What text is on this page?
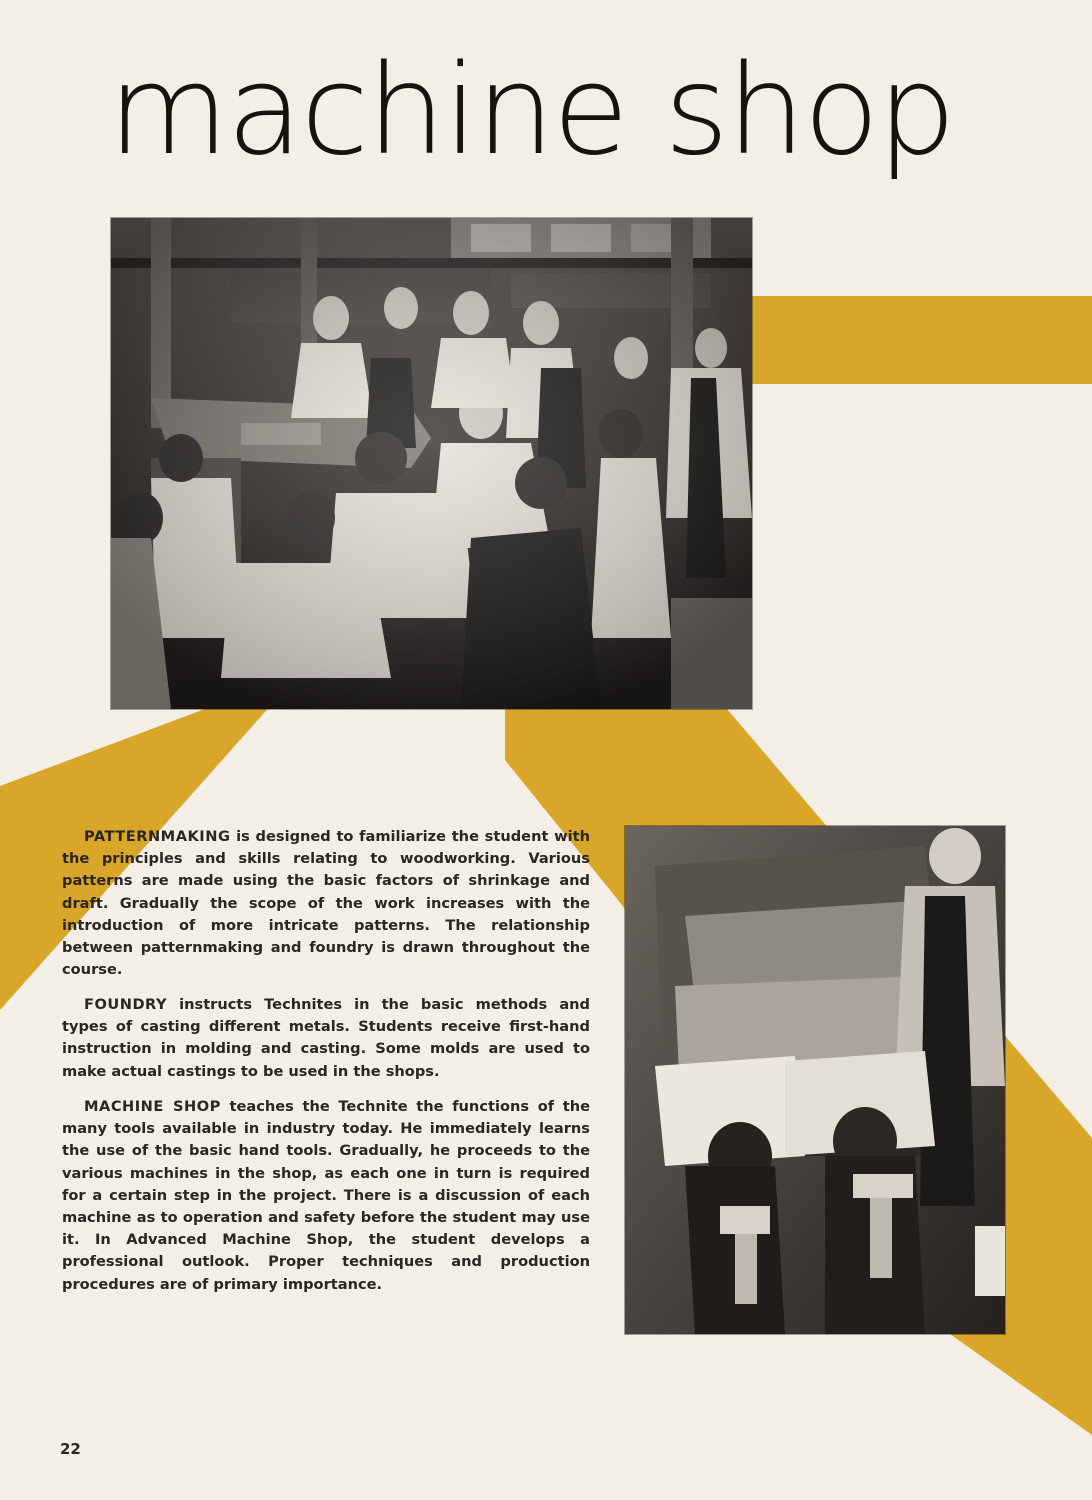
machine shop

PATTERNMAKING is designed to familiarize the student with the principles and skills relating to woodworking. Various patterns are made using the basic factors of shrinkage and draft. Gradually the scope of the work increases with the introduction of more intricate patterns. The relationship between patternmaking and foundry is drawn throughout the course.

FOUNDRY instructs Technites in the basic methods and types of casting different metals. Students receive first-hand instruction in molding and casting. Some molds are used to make actual castings to be used in the shops.

MACHINE SHOP teaches the Technite the functions of the many tools available in industry today. He immediately learns the use of the basic hand tools. Gradually, he proceeds to the various machines in the shop, as each one in turn is required for a certain step in the project. There is a discussion of each machine as to operation and safety before the student may use it. In Advanced Machine Shop, the student develops a professional outlook. Proper techniques and production procedures are of primary importance.

22
